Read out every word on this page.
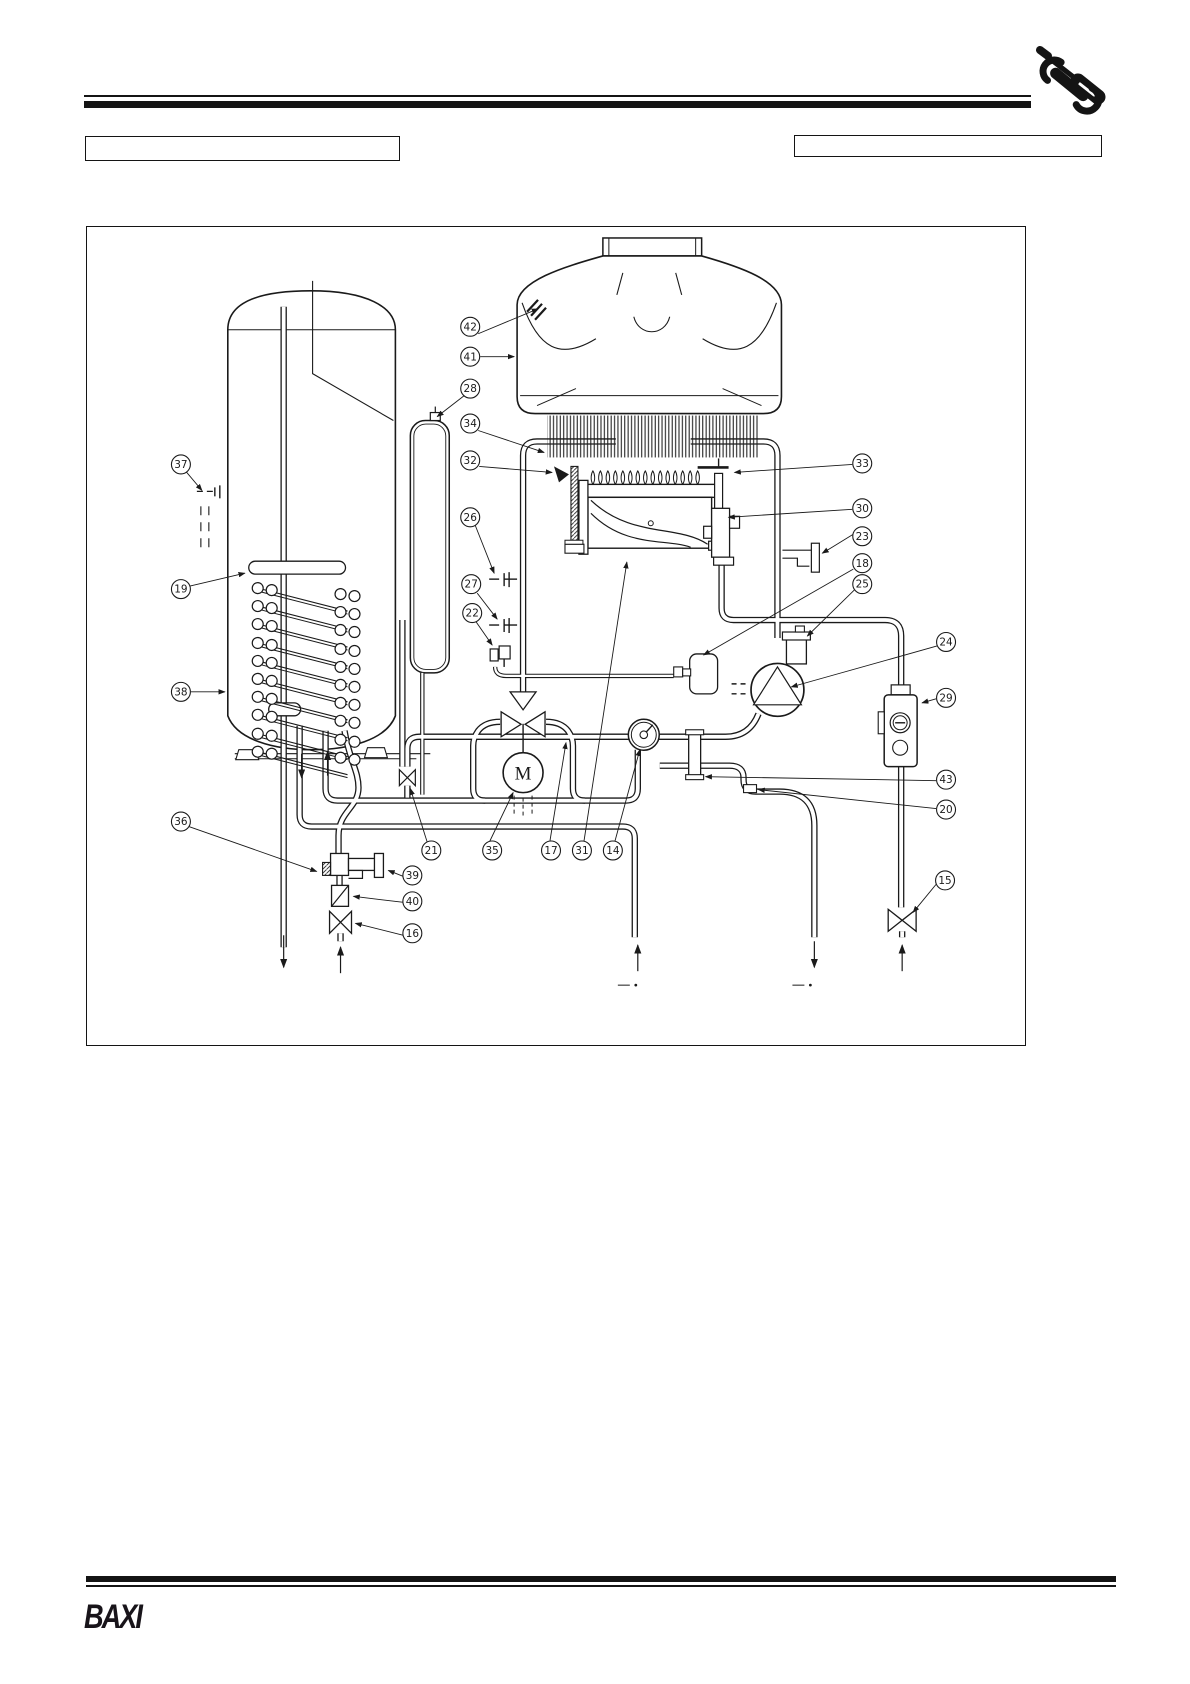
M
42
41
28
34
32
26
27
22
37
19
38
36
33
30
23
18
25
24
29
43
20
21	35	17 31 14
39
40
16
15
BAXI
